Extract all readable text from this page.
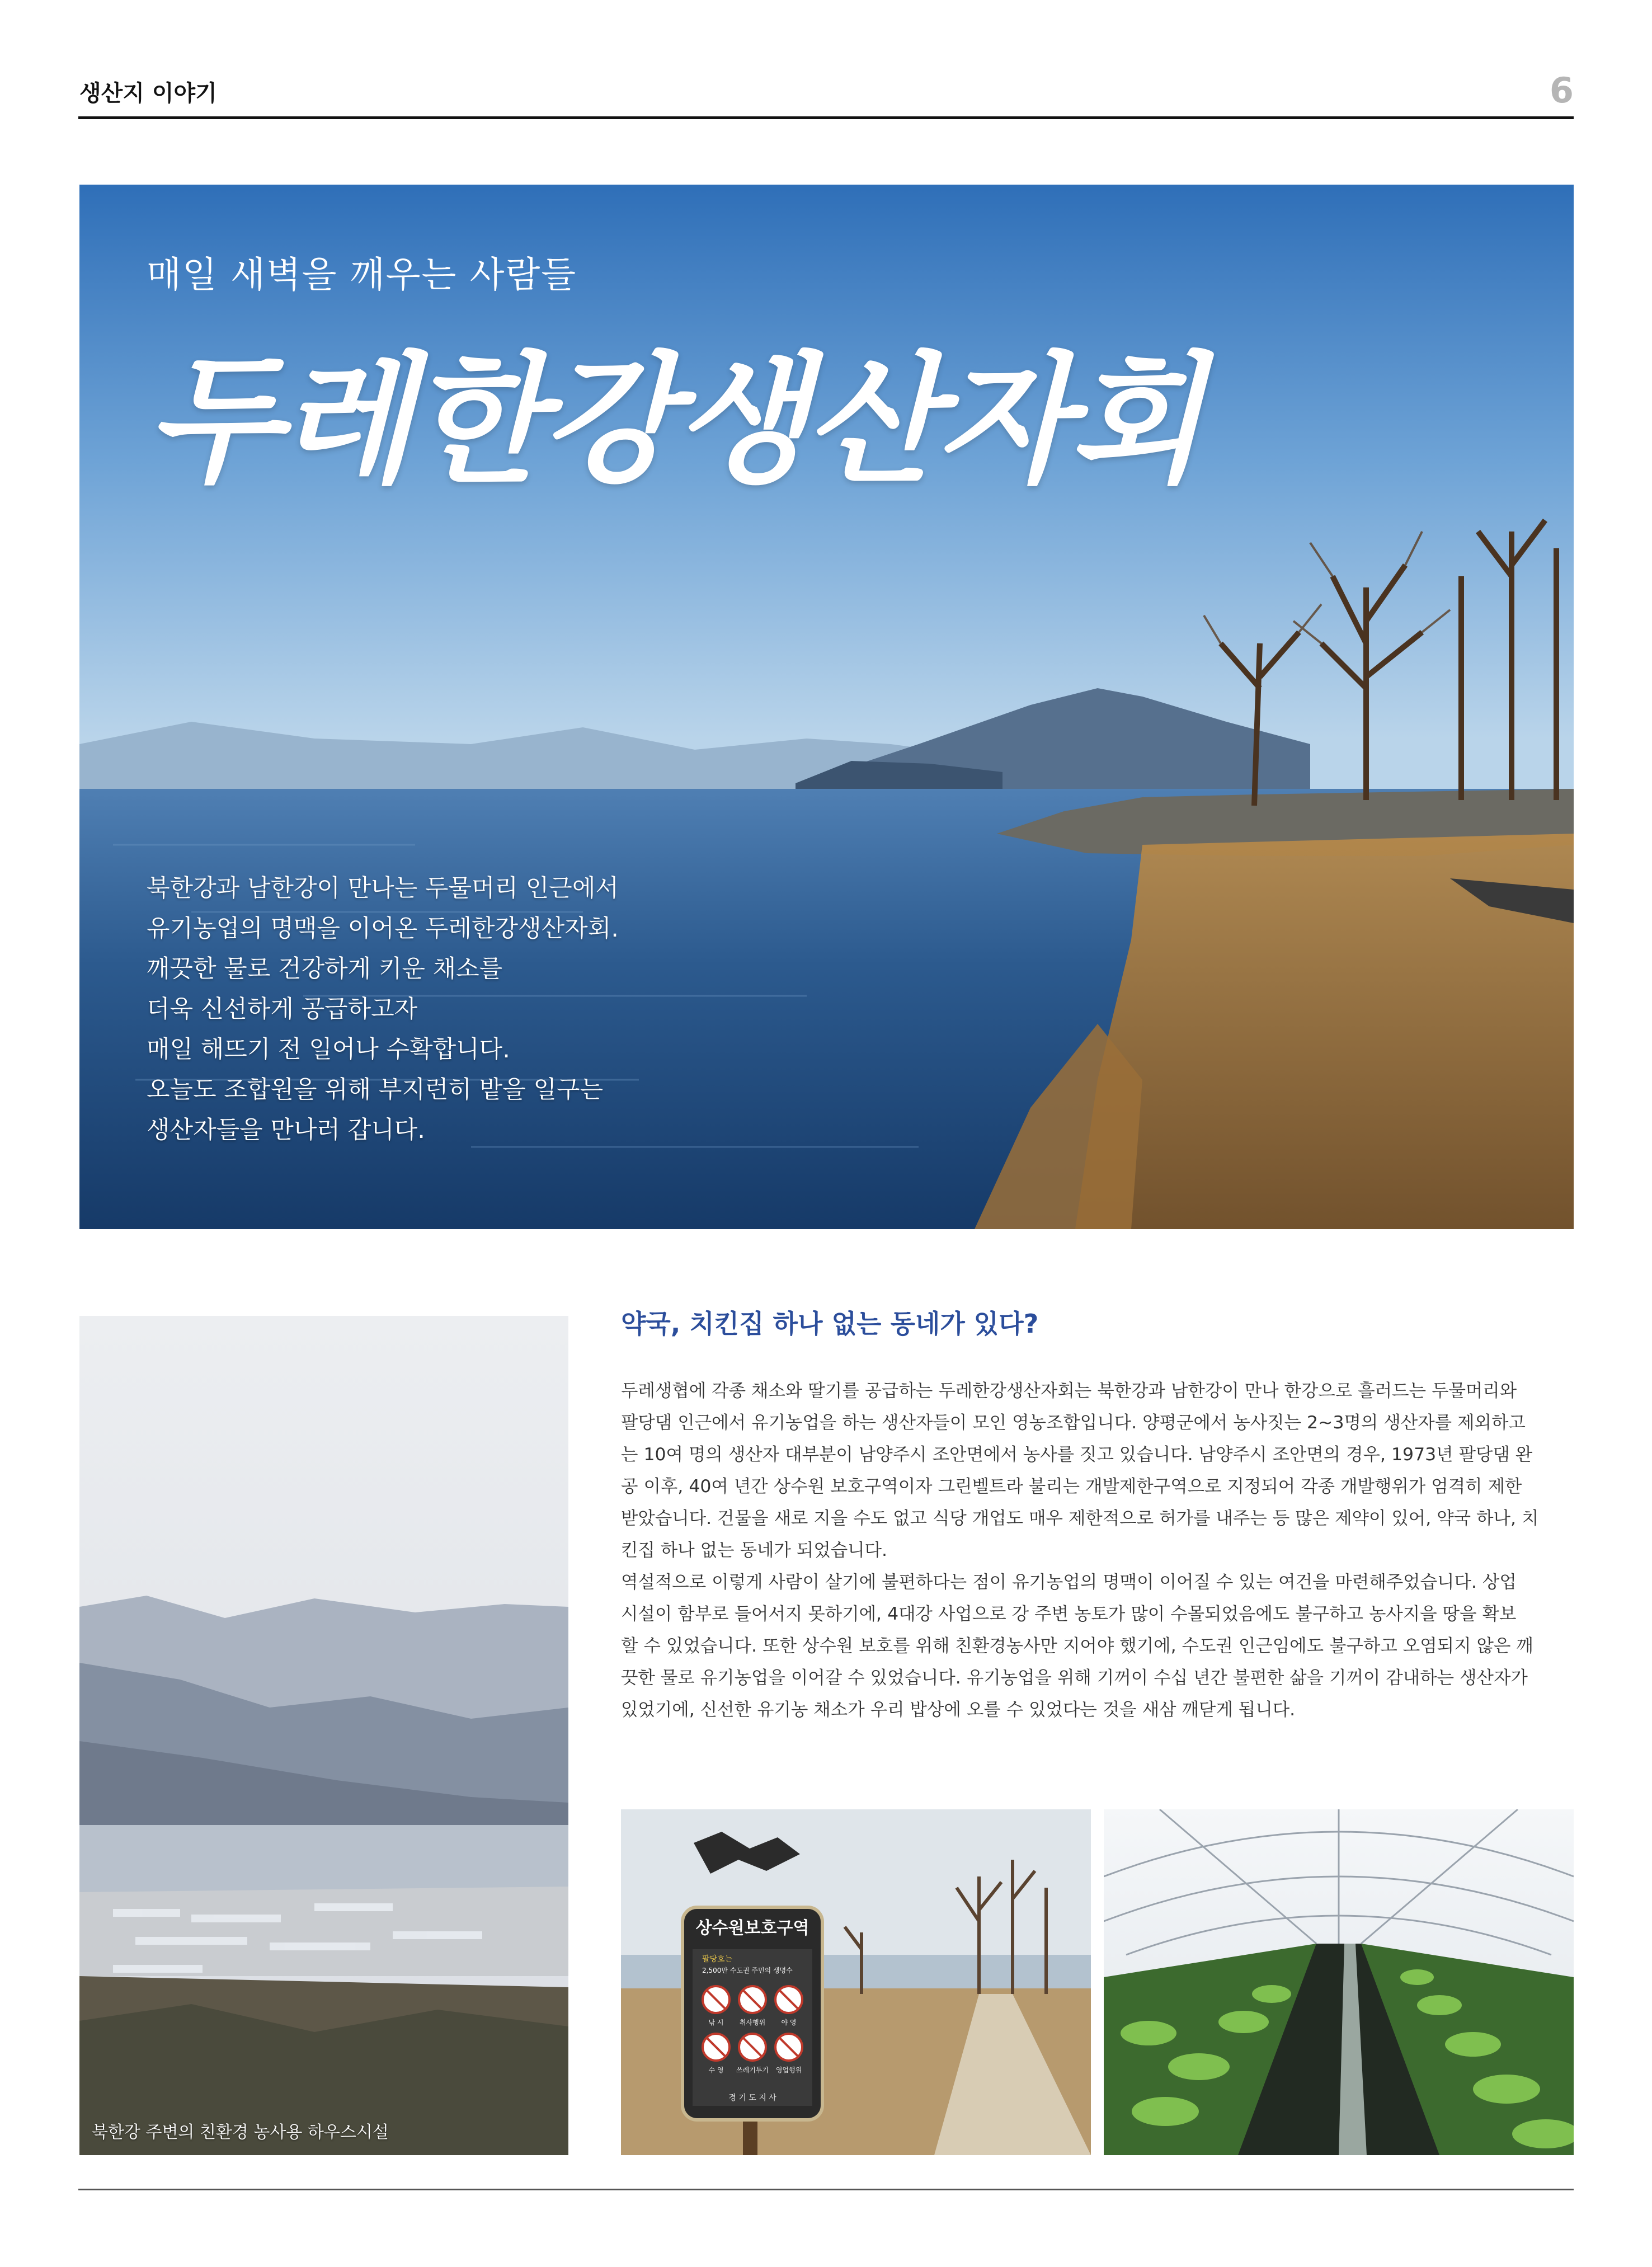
생산지 이야기	6
매일 새벽을 깨우는 사람들
두레한강생산자회
북한강과 남한강이 만나는 두물머리 인근에서
유기농업의 명맥을 이어온 두레한강생산자회.
깨끗한 물로 건강하게 키운 채소를
더욱 신선하게 공급하고자
매일 해뜨기 전 일어나 수확합니다.
오늘도 조합원을 위해 부지런히 밭을 일구는
생산자들을 만나러 갑니다.
북한강 주변의 친환경 농사용 하우스시설
약국, 치킨집 하나 없는 동네가 있다?
두레생협에 각종 채소와 딸기를 공급하는 두레한강생산자회는 북한강과 남한강이 만나 한강으로 흘러드는 두물머리와
팔당댐 인근에서 유기농업을 하는 생산자들이 모인 영농조합입니다. 양평군에서 농사짓는 2~3명의 생산자를 제외하고
는 10여 명의 생산자 대부분이 남양주시 조안면에서 농사를 짓고 있습니다. 남양주시 조안면의 경우, 1973년 팔당댐 완
공 이후, 40여 년간 상수원 보호구역이자 그린벨트라 불리는 개발제한구역으로 지정되어 각종 개발행위가 엄격히 제한
받았습니다. 건물을 새로 지을 수도 없고 식당 개업도 매우 제한적으로 허가를 내주는 등 많은 제약이 있어, 약국 하나, 치
킨집 하나 없는 동네가 되었습니다.
역설적으로 이렇게 사람이 살기에 불편하다는 점이 유기농업의 명맥이 이어질 수 있는 여건을 마련해주었습니다. 상업
시설이 함부로 들어서지 못하기에, 4대강 사업으로 강 주변 농토가 많이 수몰되었음에도 불구하고 농사지을 땅을 확보
할 수 있었습니다. 또한 상수원 보호를 위해 친환경농사만 지어야 했기에, 수도권 인근임에도 불구하고 오염되지 않은 깨
끗한 물로 유기농업을 이어갈 수 있었습니다. 유기농업을 위해 기꺼이 수십 년간 불편한 삶을 기꺼이 감내하는 생산자가
있었기에, 신선한 유기농 채소가 우리 밥상에 오를 수 있었다는 것을 새삼 깨닫게 됩니다.
상수원보호구역
팔당호는
2,500만 수도권 주민의 생명수
낚 시 취사행위 야 영
수 영 쓰레기투기 영업행위
경 기 도 지 사
